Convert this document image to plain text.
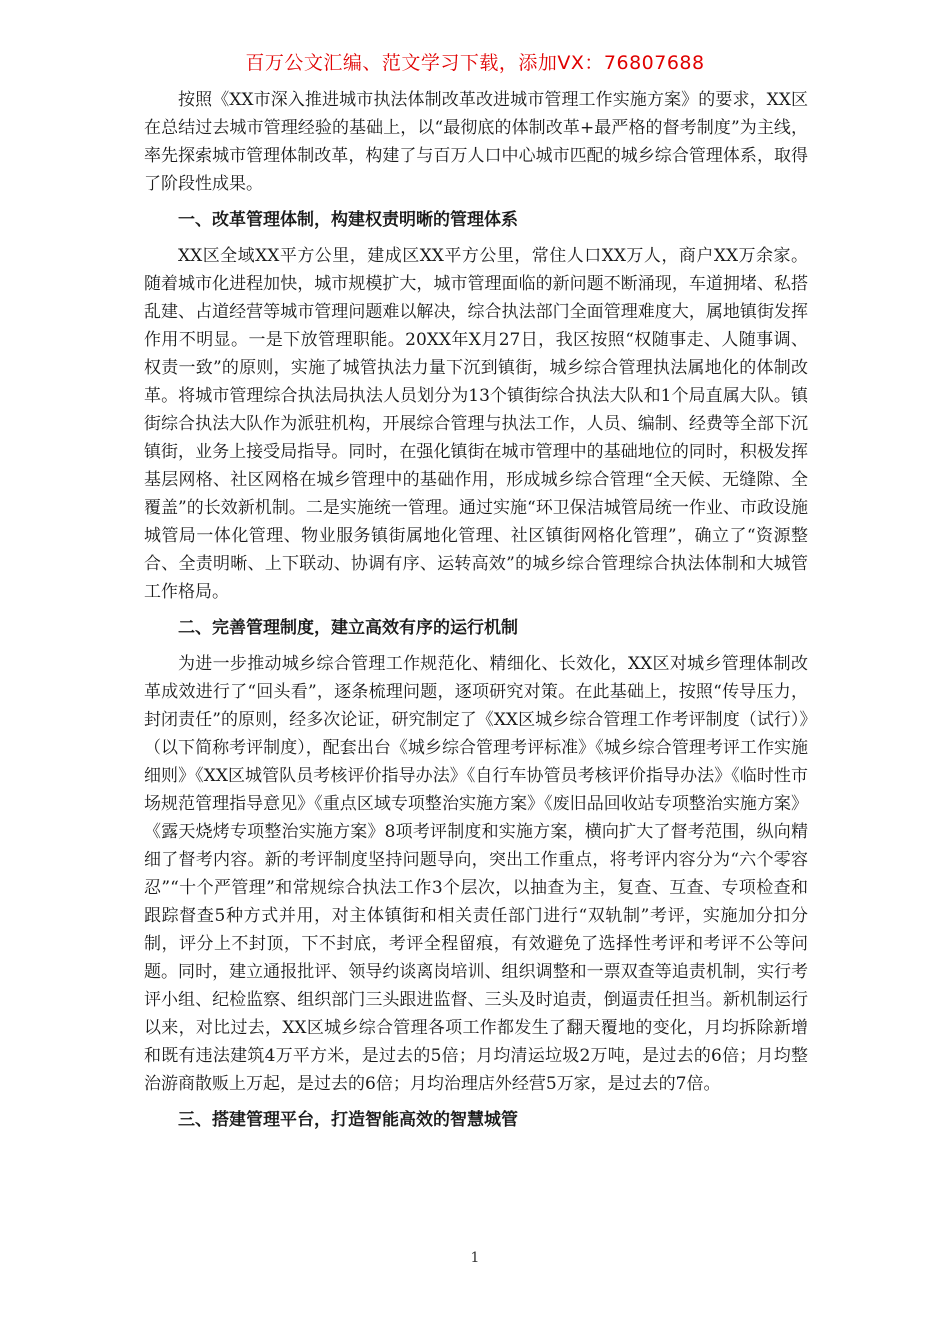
百万公文汇编、范文学习下载，添加VX：76807688

按照《XX市深入推进城市执法体制改革改进城市管理工作实施方案》的要求，XX区在总结过去城市管理经验的基础上，以“最彻底的体制改革+最严格的督考制度”为主线，率先探索城市管理体制改革，构建了与百万人口中心城市匹配的城乡综合管理体系，取得了阶段性成果。

一、改革管理体制，构建权责明晰的管理体系

XX区全域XX平方公里，建成区XX平方公里，常住人口XX万人，商户XX万余家。随着城市化进程加快，城市规模扩大，城市管理面临的新问题不断涌现，车道拥堵、私搭乱建、占道经营等城市管理问题难以解决，综合执法部门全面管理难度大，属地镇街发挥作用不明显。一是下放管理职能。20XX年X月27日，我区按照“权随事走、人随事调、权责一致”的原则，实施了城管执法力量下沉到镇街，城乡综合管理执法属地化的体制改革。将城市管理综合执法局执法人员划分为13个镇街综合执法大队和1个局直属大队。镇街综合执法大队作为派驻机构，开展综合管理与执法工作，人员、编制、经费等全部下沉镇街，业务上接受局指导。同时，在强化镇街在城市管理中的基础地位的同时，积极发挥基层网格、社区网格在城乡管理中的基础作用，形成城乡综合管理“全天候、无缝隙、全覆盖”的长效新机制。二是实施统一管理。通过实施“环卫保洁城管局统一作业、市政设施城管局一体化管理、物业服务镇街属地化管理、社区镇街网格化管理”，确立了“资源整合、全责明晰、上下联动、协调有序、运转高效”的城乡综合管理综合执法体制和大城管工作格局。

二、完善管理制度，建立高效有序的运行机制

为进一步推动城乡综合管理工作规范化、精细化、长效化，XX区对城乡管理体制改革成效进行了“回头看”，逐条梳理问题，逐项研究对策。在此基础上，按照“传导压力，封闭责任”的原则，经多次论证，研究制定了《XX区城乡综合管理工作考评制度（试行）》（以下简称考评制度），配套出台《城乡综合管理考评标准》《城乡综合管理考评工作实施细则》《XX区城管队员考核评价指导办法》《自行车协管员考核评价指导办法》《临时性市场规范管理指导意见》《重点区域专项整治实施方案》《废旧品回收站专项整治实施方案》《露天烧烤专项整治实施方案》8项考评制度和实施方案，横向扩大了督考范围，纵向精细了督考内容。新的考评制度坚持问题导向，突出工作重点，将考评内容分为“六个零容忍”“十个严管理”和常规综合执法工作3个层次，以抽查为主，复查、互查、专项检查和跟踪督查5种方式并用，对主体镇街和相关责任部门进行“双轨制”考评，实施加分扣分制，评分上不封顶，下不封底，考评全程留痕，有效避免了选择性考评和考评不公等问题。同时，建立通报批评、领导约谈离岗培训、组织调整和一票双查等追责机制，实行考评小组、纪检监察、组织部门三头跟进监督、三头及时追责，倒逼责任担当。新机制运行以来，对比过去，XX区城乡综合管理各项工作都发生了翻天覆地的变化，月均拆除新增和既有违法建筑4万平方米，是过去的5倍；月均清运垃圾2万吨，是过去的6倍；月均整治游商散贩上万起，是过去的6倍；月均治理店外经营5万家，是过去的7倍。

三、搭建管理平台，打造智能高效的智慧城管
1
